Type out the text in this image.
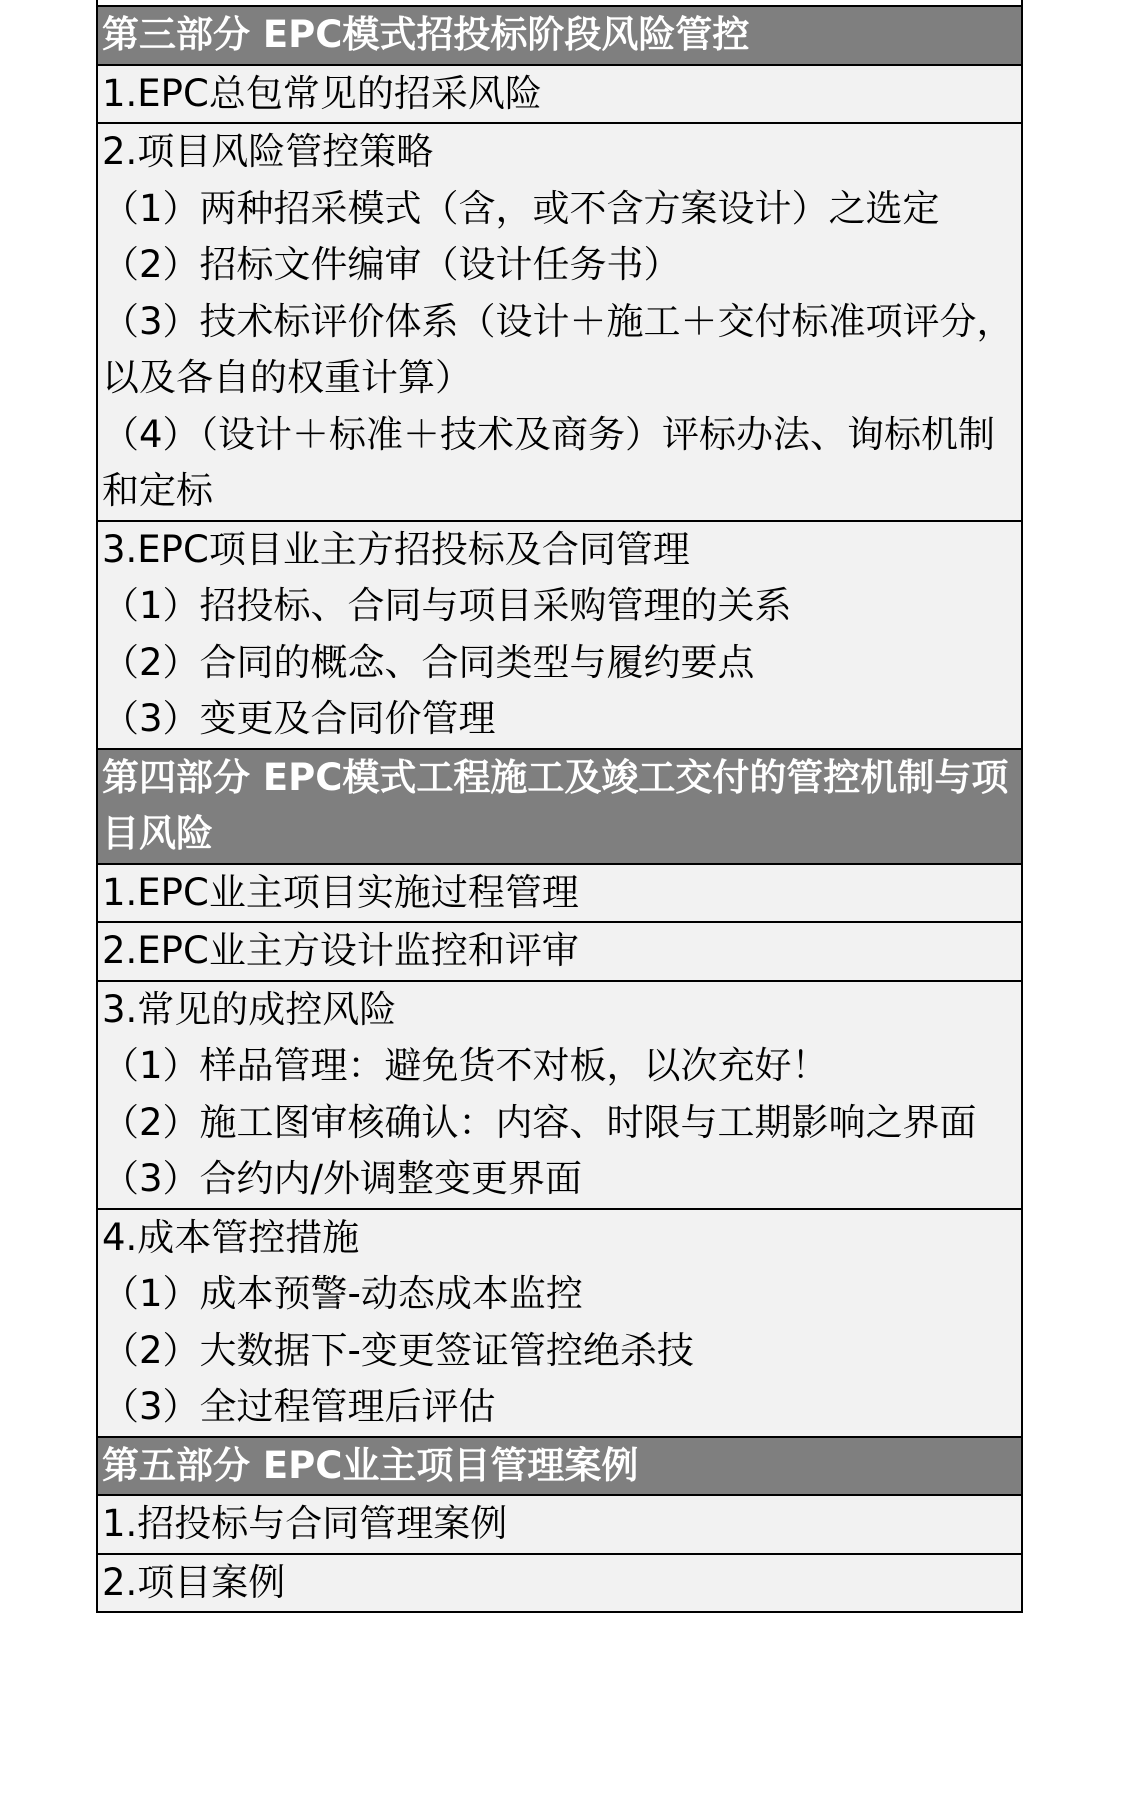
第三部分 EPC模式招投标阶段风险管控

1.EPC总包常见的招采风险

2.项目风险管控策略
（1）两种招采模式（含，或不含方案设计）之选定
（2）招标文件编审（设计任务书）
（3）技术标评价体系（设计＋施工＋交付标准项评分，以及各自的权重计算）
（4）（设计＋标准＋技术及商务）评标办法、询标机制和定标

3.EPC项目业主方招投标及合同管理
（1）招投标、合同与项目采购管理的关系
（2）合同的概念、合同类型与履约要点
（3）变更及合同价管理

第四部分 EPC模式工程施工及竣工交付的管控机制与项目风险

1.EPC业主项目实施过程管理

2.EPC业主方设计监控和评审

3.常见的成控风险
（1）样品管理：避免货不对板，以次充好！
（2）施工图审核确认：内容、时限与工期影响之界面
（3）合约内/外调整变更界面

4.成本管控措施
（1）成本预警-动态成本监控
（2）大数据下-变更签证管控绝杀技
（3）全过程管理后评估

第五部分 EPC业主项目管理案例

1.招投标与合同管理案例

2.项目案例
